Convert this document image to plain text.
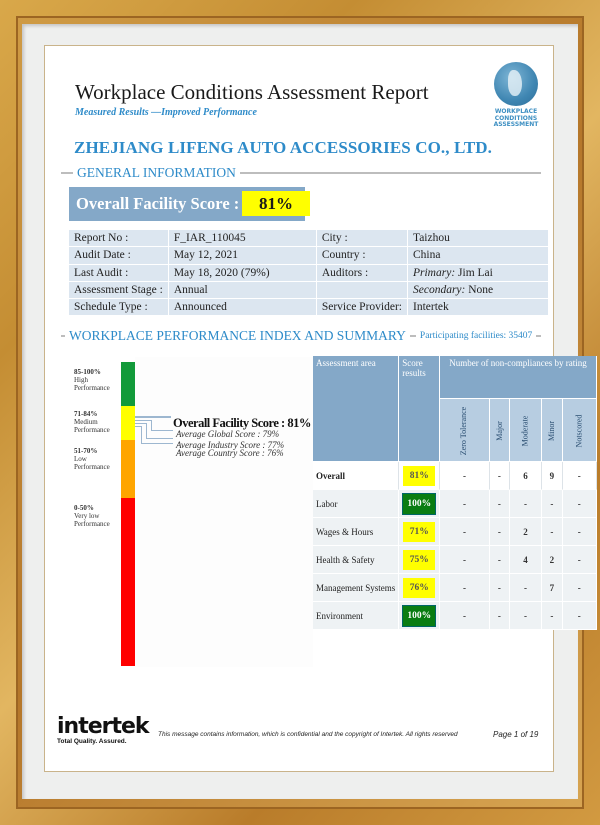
Workplace Conditions Assessment Report
Measured Results —Improved Performance
ZHEJIANG LIFENG AUTO ACCESSORIES CO., LTD.
WORKPLACE
CONDITIONS
ASSESSMENT
GENERAL INFORMATION
Overall Facility Score :	81%
Report No :	F_IAR_110045	City :	Taizhou
Audit Date :	May 12, 2021	Country :	China
Last Audit :	May 18, 2020 (79%)	Auditors :	Primary: Jim Lai
Assessment Stage :	Annual		Secondary: None
Schedule Type :	Announced	Service Provider:	Intertek
WORKPLACE PERFORMANCE INDEX AND SUMMARY	Participating facilities: 35407
85-100%
High
Performance
71-84%
Medium
Performance
51-70%
Low
Performance
0-50%
Very low
Performance
Overall Facility Score : 81%
Average Global Score : 79%
Average Industry Score : 77%
Average Country Score : 76%
Assessment area	Score results	Number of non-compliances by rating				
		Zero Tolerance	Major	Moderate	Minor	Notscored
Overall	81%	-	-	6	9	-
Labor	100%	-	-	-	-	-
Wages & Hours	71%	-	-	2	-	-
Health & Safety	75%	-	-	4	2	-
Management Systems	76%	-	-	-	7	-
Environment	100%	-	-	-	-	-
intertek
Total Quality. Assured.
This message contains information, which is confidential and the copyright of Intertek. All rights reserved	Page 1 of 19
